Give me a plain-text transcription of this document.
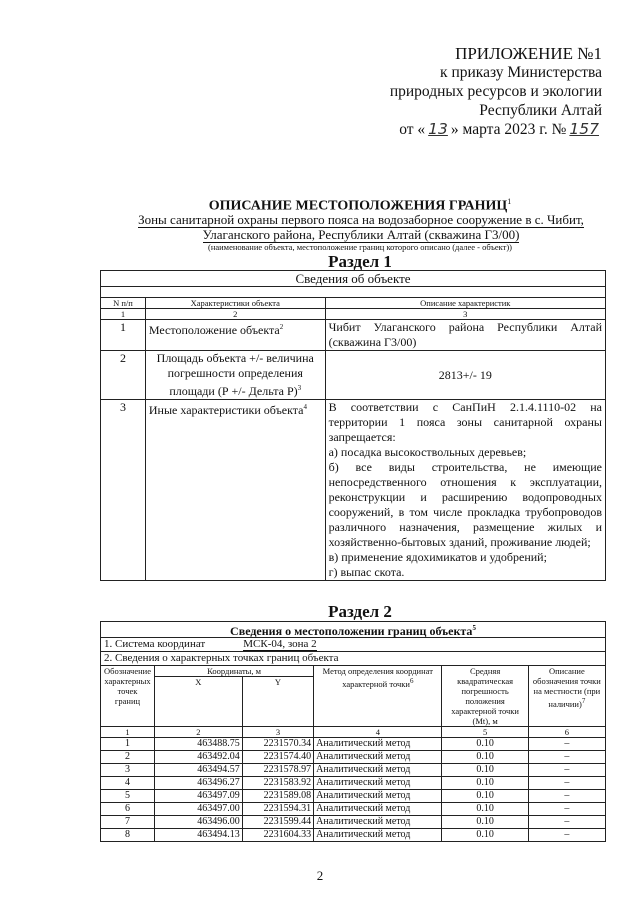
ПРИЛОЖЕНИЕ №1
к приказу Министерства
природных ресурсов и экологии
Республики Алтай
от « 13 » марта 2023 г. № 157
ОПИСАНИЕ МЕСТОПОЛОЖЕНИЯ ГРАНИЦ$^1$
Зоны санитарной охраны первого пояса на водозаборное сооружение в с. Чибит,
Улаганского района, Республики Алтай (скважина Г3/00)
(наименование объекта, местоположение границ которого описано (далее - объект))
Раздел 1
Сведения об объекте		

N п/п	Характеристики объекта	Описание характеристик
1	2	3
1	Местоположение объекта$^2$	Чибит Улаганского района Республики Алтай (скважина Г3/00)
2	Площадь объекта +/- величина погрешности определения площади (Р +/- Дельта Р)$^3$	2813+/- 19
3	Иные характеристики объекта$^4$	В соответствии с СанПиН 2.1.4.1110-02 на территории 1 пояса зоны санитарной охраны запрещается:
а) посадка высокоствольных деревьев;
б) все виды строительства, не имеющие непосредственного отношения к эксплуатации, реконструкции и расширению водопроводных сооружений, в том числе прокладка трубопроводов различного назначения, размещение жилых и хозяйственно-бытовых зданий, проживание людей;
в) применение ядохимикатов и удобрений;
г) выпас скота.
Раздел 2
Сведения о местоположении границ объекта$^5$
1. Система координат МСК-04, зона 2					
2. Сведения о характерных точках границ объекта					
Обозначение характерных точек границ	Координаты, м		Метод определения координат характерной точки$^6$	Средняя квадратическая погрешность положения характерной точки (Mt), м	Описание обозначения точки на местности (при наличии)$^7$
	X	Y			
1	2	3	4	5	6
1	463488.75	2231570.34	Аналитический метод	0.10	–
2	463492.04	2231574.40	Аналитический метод	0.10	–
3	463494.57	2231578.97	Аналитический метод	0.10	–
4	463496.27	2231583.92	Аналитический метод	0.10	–
5	463497.09	2231589.08	Аналитический метод	0.10	–
6	463497.00	2231594.31	Аналитический метод	0.10	–
7	463496.00	2231599.44	Аналитический метод	0.10	–
8	463494.13	2231604.33	Аналитический метод	0.10	–
2
